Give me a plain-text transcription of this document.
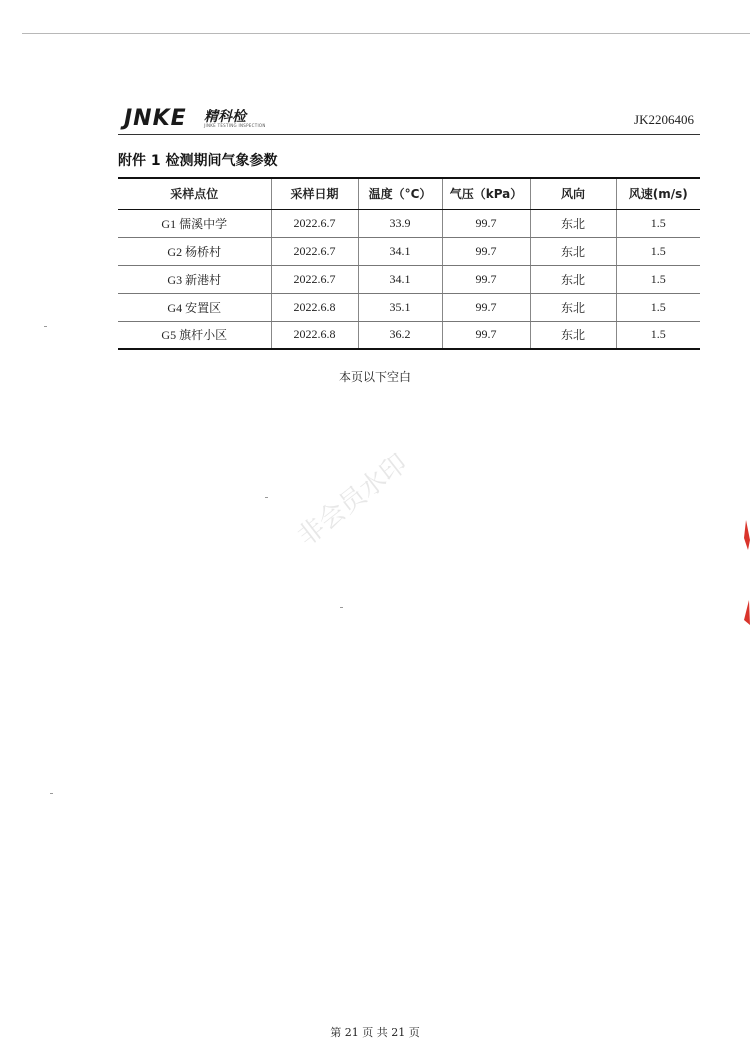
JNKE 精科检
JINKE TESTING INSPECTION	JK2206406
附件 1 检测期间气象参数
采样点位	采样日期	温度（°C）	气压（kPa）	风向	风速(m/s)
G1 儒溪中学	2022.6.7	33.9	99.7	东北	1.5
G2 杨桥村	2022.6.7	34.1	99.7	东北	1.5
G3 新港村	2022.6.7	34.1	99.7	东北	1.5
G4 安置区	2022.6.8	35.1	99.7	东北	1.5
G5 旗杆小区	2022.6.8	36.2	99.7	东北	1.5
本页以下空白
非会员水印
第 21 页 共 21 页
